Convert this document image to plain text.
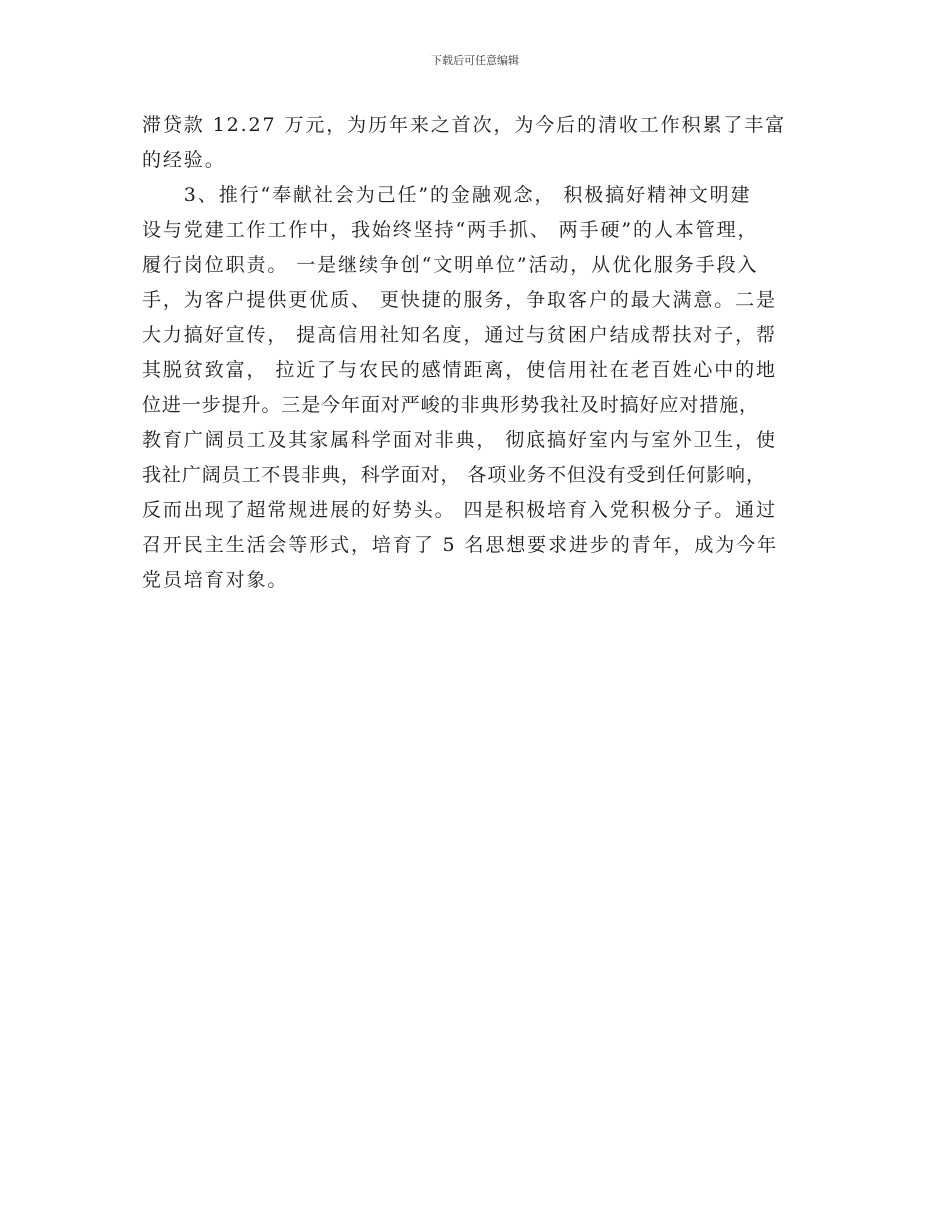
下载后可任意编辑
滞贷款 12.27 万元，为历年来之首次，为今后的清收工作积累了丰富
的经验。
　　3、推行“奉献社会为己任”的金融观念， 积极搞好精神文明建
设与党建工作工作中，我始终坚持“两手抓、 两手硬”的人本管理，
履行岗位职责。 一是继续争创“文明单位”活动，从优化服务手段入
手，为客户提供更优质、 更快捷的服务，争取客户的最大满意。二是
大力搞好宣传， 提高信用社知名度，通过与贫困户结成帮扶对子，帮
其脱贫致富， 拉近了与农民的感情距离，使信用社在老百姓心中的地
位进一步提升。三是今年面对严峻的非典形势我社及时搞好应对措施，
教育广阔员工及其家属科学面对非典， 彻底搞好室内与室外卫生，使
我社广阔员工不畏非典，科学面对， 各项业务不但没有受到任何影响，
反而出现了超常规进展的好势头。 四是积极培育入党积极分子。通过
召开民主生活会等形式，培育了 5 名思想要求进步的青年，成为今年
党员培育对象。
